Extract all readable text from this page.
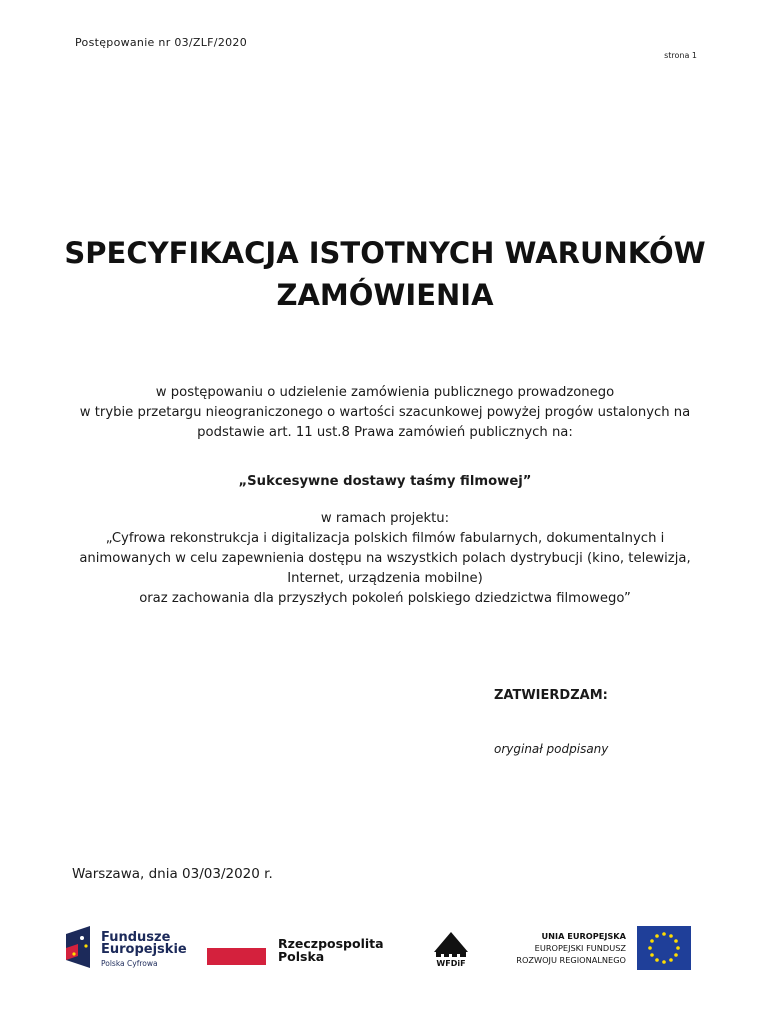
Postępowanie nr 03/ZLF/2020
strona 1
SPECYFIKACJA ISTOTNYCH WARUNKÓW
ZAMÓWIENIA
w postępowaniu o udzielenie zamówienia publicznego prowadzonego
w trybie przetargu nieograniczonego o wartości szacunkowej powyżej progów ustalonych na
podstawie art. 11 ust.8 Prawa zamówień publicznych na:
„Sukcesywne dostawy taśmy filmowej”
w ramach projektu:
„Cyfrowa rekonstrukcja i digitalizacja polskich filmów fabularnych, dokumentalnych i
animowanych w celu zapewnienia dostępu na wszystkich polach dystrybucji (kino, telewizja,
Internet, urządzenia mobilne)
oraz zachowania dla przyszłych pokoleń polskiego dziedzictwa filmowego”
ZATWIERDZAM:
oryginał podpisany
Warszawa, dnia 03/03/2020 r.
Fundusze
Europejskie
Polska Cyfrowa
Rzeczpospolita
Polska	WFDiF
UNIA EUROPEJSKA
EUROPEJSKI FUNDUSZ
ROZWOJU REGIONALNEGO
